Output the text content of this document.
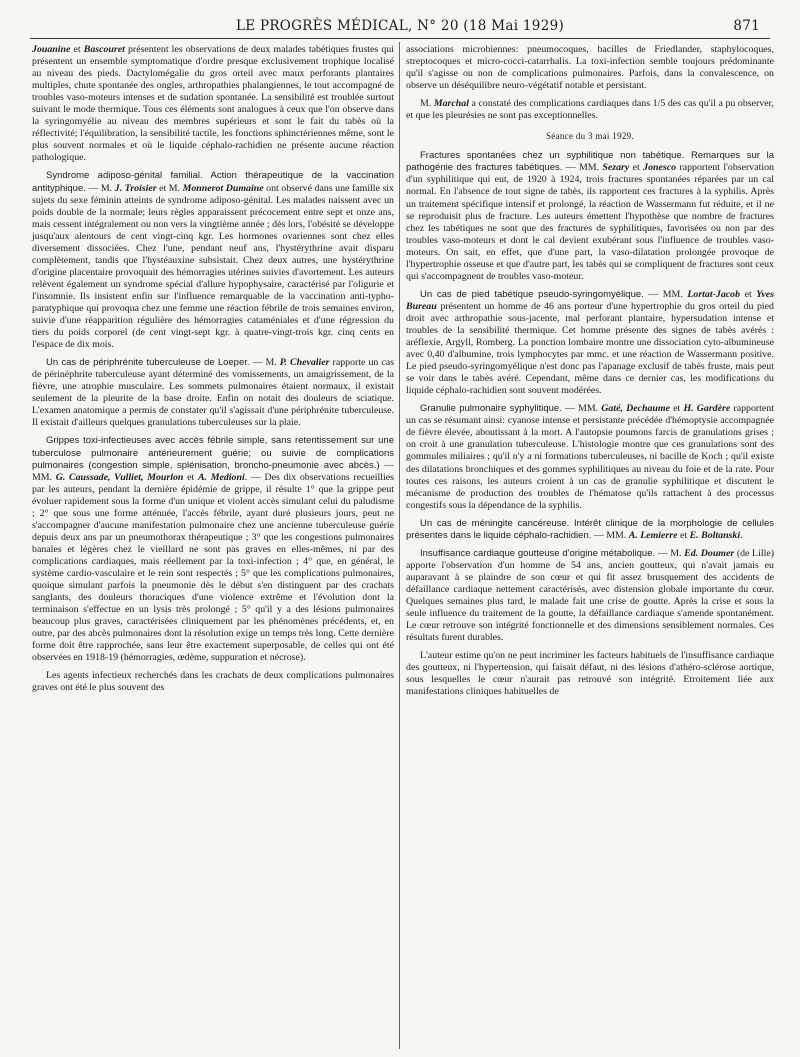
LE PROGRÈS MÉDICAL, N° 20 (18 Mai 1929)	871

Jouanine et Bascouret présentent les observations de deux malades tabétiques frustes qui présentent un ensemble symptomatique d'ordre presque exclusivement trophique localisé au niveau des pieds. Dactylomégalie du gros orteil avec maux perforants plantaires multiples, chute spontanée des ongles, arthropathies phalangiennes, le tout accompagné de troubles vaso-moteurs intenses et de sudation spontanée. La sensibilité est troublée surtout suivant le mode thermique. Tous ces éléments sont analogues à ceux que l'on observe dans la syringomyélie au niveau des membres supérieurs et sont le fait du tabès où la réflectivité; l'équilibration, la sensibilité tactile, les fonctions sphinctériennes même, sont le plus souvent normales et où le liquide céphalo-rachidien ne présente aucune réaction pathologique.

Syndrome adiposo-génital familial. Action thérapeutique de la vaccination antityphique. — M. J. Troisier et M. Monnerot Dumaine ont observé dans une famille six sujets du sexe féminin atteints de syndrome adiposo-génital. Les malades naissent avec un poids double de la normale; leurs règles apparaissent précocement entre sept et onze ans, mais cessent intégralement ou non vers la vingtième année ; dès lors, l'obésité se développe jusqu'aux alentours de cent vingt-cinq kgr. Les hormones ovariennes sont chez elles diversement dissociées. Chez l'une, pendant neuf ans, l'hystérythrine avait disparu complètement, tandis que l'hystéauxine subsistait. Chez deux autres, une hystérythrine d'origine placentaire provoquait des hémorragies utérines suivies d'avortement. Les auteurs relèvent également un syndrome spécial d'allure hypophysaire, caractérisé par l'oligurie et l'insomnie. Ils insistent enfin sur l'influence remarquable de la vaccination anti-typho-paratyphique qui provoqua chez une femme une réaction fébrile de trois semaines environ, suivie d'une réapparition régulière des hémorragies cataméniales et d'une régression du tiers du poids corporel (de cent vingt-sept kgr. à quatre-vingt-trois kgr. cinq cents en l'espace de dix mois.

Un cas de périphrénite tuberculeuse de Loeper. — M. P. Chevalier rapporte un cas de périnéphrite tuberculeuse ayant déterminé des vomissements, un amaigrissement, de la fièvre, une atrophie musculaire. Les sommets pulmonaires étaient normaux, il existait seulement de la pleurite de la base droite. Enfin on notait des douleurs de sciatique. L'examen anatomique a permis de constater qu'il s'agissait d'une périphrénite tuberculeuse. Il existait d'ailleurs quelques granulations tuberculeuses sur la plaie.

Grippes toxi-infectieuses avec accès fébrile simple, sans retentissement sur une tuberculose pulmonaire antérieurement guérie; ou suivie de complications pulmonaires (congestion simple, splénisation, broncho-pneumonie avec abcès.) — MM. G. Caussade, Vulliet, Mourlon et A. Medioni. — Des dix observations recueillies par les auteurs, pendant la dernière épidémie de grippe, il résulte 1° que la grippe peut évoluer rapidement sous la forme d'un unique et violent accès simulant celui du paludisme ; 2° que sous une forme atténuée, l'accès fébrile, ayant duré plusieurs jours, peut ne s'accompagner d'aucune manifestation pulmonaire chez une ancienne tuberculeuse guérie depuis deux ans par un pneumothorax thérapeutique ; 3° que les congestions pulmonaires banales et légères chez le vieillard ne sont pas graves en elles-mêmes, ni par des complications cardiaques, mais réellement par la toxi-infection ; 4° que, en général, le système cardio-vasculaire et le rein sont respectés ; 5° que les complications pulmonaires, quoique simulant parfois la pneumonie dès le début s'en distinguent par des crachats sanglants, des douleurs thoraciques d'une violence extrême et l'évolution dont la terminaison s'effectue en un lysis très prolongé ; 5° qu'il y a des lésions pulmonaires beaucoup plus graves, caractérisées cliniquement par les phénomènes précédents, et, en outre, par des abcès pulmonaires dont la résolution exige un temps très long. Cette dernière forme doit être rapprochée, sans leur être exactement superposable, de celles qui ont été observées en 1918-19 (hémorragies, œdème, suppuration et nécrose).

Les agents infectieux recherchés dans les crachats de deux complications pulmonaires graves ont été le plus souvent des

associations microbiennes: pneumocoques, bacilles de Friedlander, staphylocoques, streptocoques et micro-cocci-catarrhalis. La toxi-infection semble toujours prédominante qu'il s'agisse ou non de complications pulmonaires. Parfois, dans la convalescence, on observe un déséquilibre neuro-végétatif notable et persistant.

M. Marchal a constaté des complications cardiaques dans 1/5 des cas qu'il a pu observer, et que les pleurésies ne sont pas exceptionnelles.

Séance du 3 mai 1929.

Fractures spontanées chez un syphilitique non tabétique. Remarques sur la pathogénie des fractures tabétiques. — MM. Sezary et Jonesco rapportent l'observation d'un syphilitique qui eut, de 1920 à 1924, trois fractures spontanées réparées par un cal normal. En l'absence de tout signe de tabès, ils rapportent ces fractures à la syphilis. Après un traitement spécifique intensif et prolongé, la réaction de Wassermann fut réduite, et il ne se reproduisit plus de fracture. Les auteurs émettent l'hypothèse que nombre de fractures chez les tabétiques ne sont que des fractures de syphilitiques, favorisées ou non par des troubles vaso-moteurs et dont le cal devient exubérant sous l'influence de troubles vaso-moteurs. On sait, en effet, que d'une part, la vaso-dilatation prolongée provoque de l'hypertrophie osseuse et que d'autre part, les tabès qui se compliquent de fractures sont ceux qui s'accompagnent de troubles vaso-moteur.

Un cas de pied tabétique pseudo-syringomyélique. — MM. Lortat-Jacob et Yves Bureau présentent un homme de 46 ans porteur d'une hypertrophie du gros orteil du pied droit avec arthropathie sous-jacente, mal perforant plantaire, hypersudation intense et troubles de la sensibilité thermique. Cet homme présente des signes de tabès avérés : aréflexie, Argyll, Romberg. La ponction lombaire montre une dissociation cyto-albumineuse avec 0,40 d'albumine, trois lymphocytes par mmc. et une réaction de Wassermann positive. Le pied pseudo-syringomyélique n'est donc pas l'apanage exclusif de tabès fruste, mais peut se voir dans le tabès avéré. Cependant, même dans ce dernier cas, les modifications du liquide céphalo-rachidien sont souvent modérées.

Granulie pulmonaire syphylitique. — MM. Gaté, Dechaume et H. Gardère rapportent un cas se résumant ainsi: cyanose intense et persistante précédée d'hémoptysie accompagnée de fièvre élevée, aboutissant à la mort. A l'autopsie poumons farcis de granulations grises ; on croit à une granulation tuberculeuse. L'histologie montre que ces granulations sont des gommules miliaires ; qu'il n'y a ni formations tuberculeuses, ni bacille de Koch ; qu'il existe des dilatations bronchiques et des gommes syphilitiques au niveau du foie et de la rate. Pour toutes ces raisons, les auteurs croient à un cas de granulie syphilitique et discutent le mécanisme de production des troubles de l'hématose qu'ils rattachent à des processus congestifs sous la dépendance de la syphilis.

Un cas de méningite cancéreuse. Intérêt clinique de la morphologie de cellules présentes dans le liquide céphalo-rachidien. — MM. A. Lemierre et E. Boltanski.

Insuffisance cardiaque goutteuse d'origine métabolique. — M. Ed. Doumer (de Lille) apporte l'observation d'un homme de 54 ans, ancien goutteux, qui n'avait jamais eu auparavant à se plaindre de son cœur et qui fit assez brusquement des accidents de défaillance cardiaque nettement caractérisés, avec distension globale importante du cœur. Quelques semaines plus tard, le malade fait une crise de goutte. Après la crise et sous la seule influence du traitement de la goutte, la défaillance cardiaque s'amende spontanément. Le cœur retrouve son intégrité fonctionnelle et des dimensions sensiblement normales. Ces résultats furent durables.

L'auteur estime qu'on ne peut incriminer les facteurs habituels de l'insuffisance cardiaque des goutteux, ni l'hypertension, qui faisait défaut, ni des lésions d'athéro-sclérose aortique, sous lesquelles le cœur n'aurait pas retrouvé son intégrité. Etroitement liée aux manifestations cliniques habituelles de
